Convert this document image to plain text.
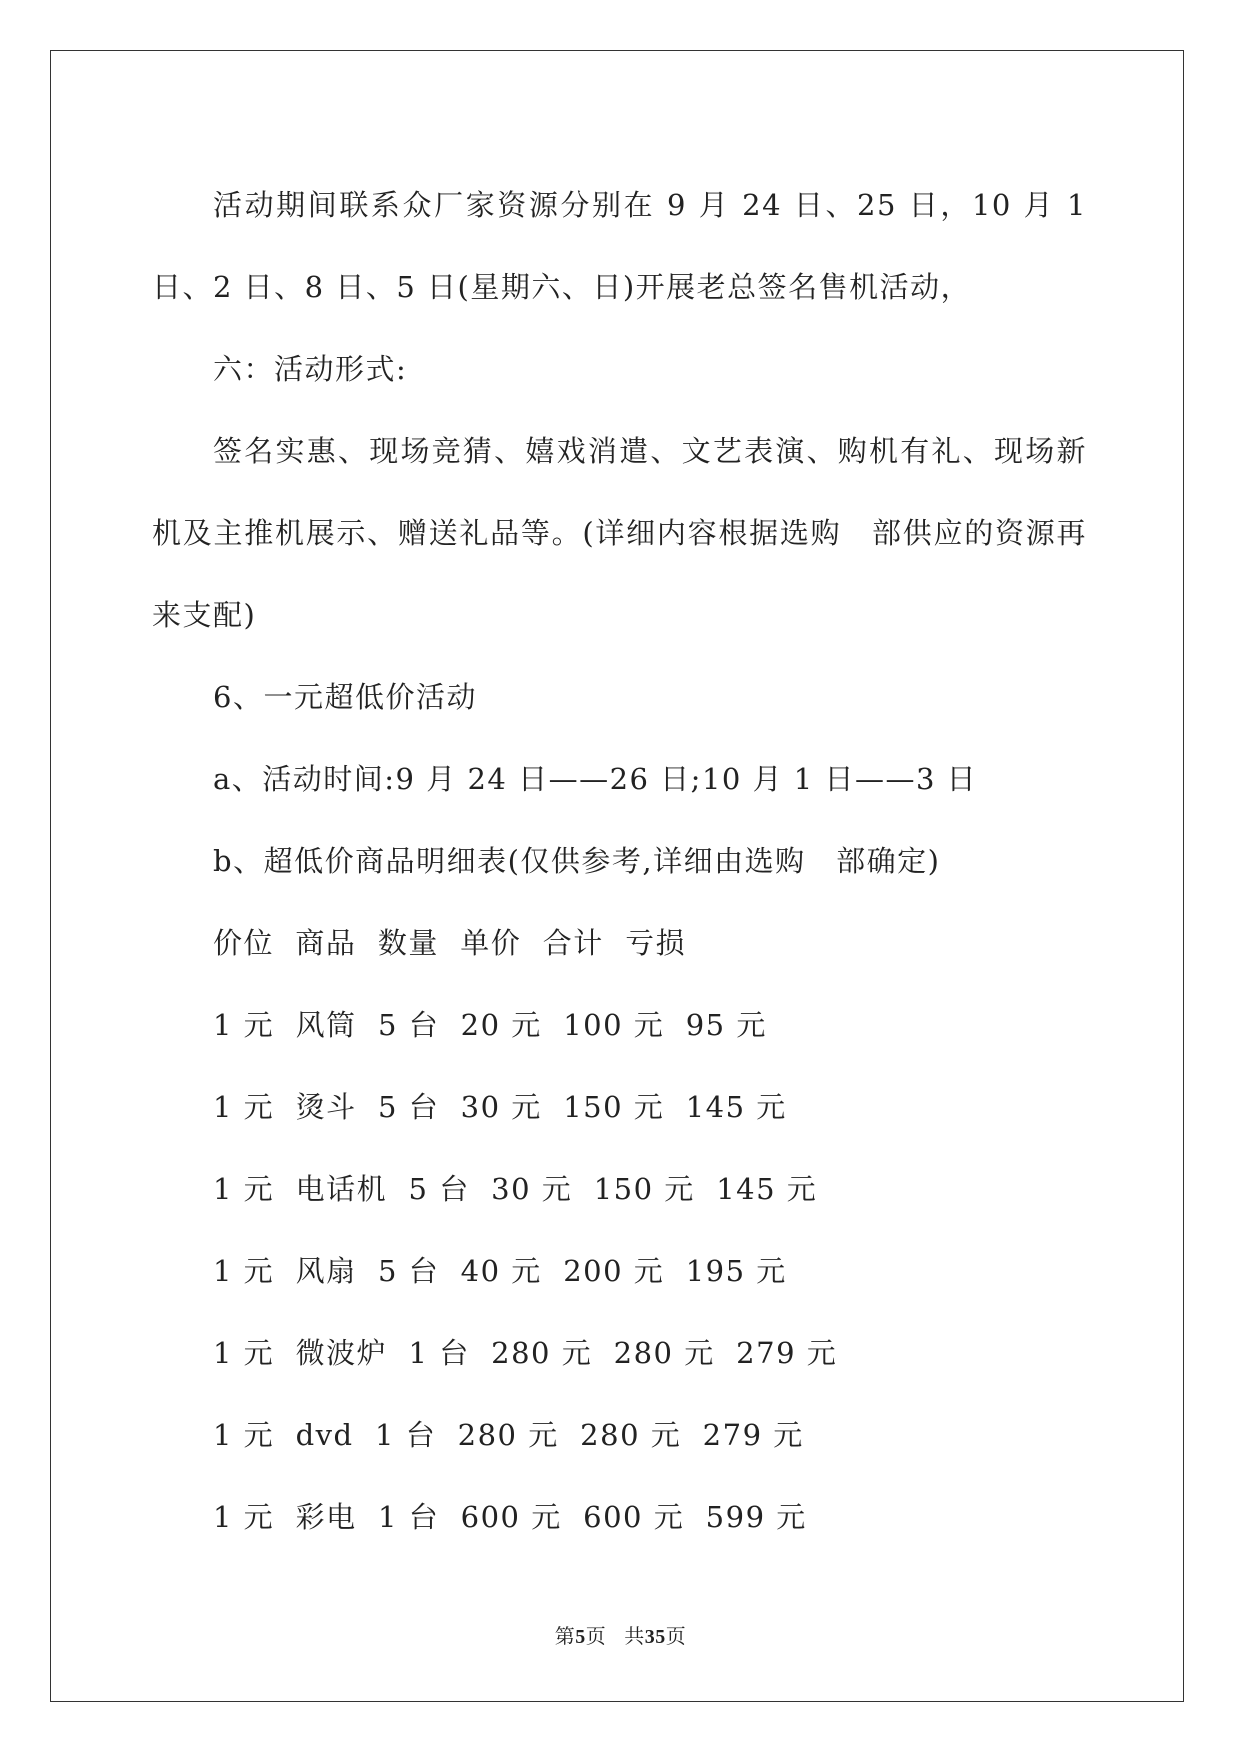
活动期间联系众厂家资源分别在 9 月 24 日、25 日，10 月 1 日、2 日、8 日、5 日(星期六、日)开展老总签名售机活动，

六：活动形式:

签名实惠、现场竞猜、嬉戏消遣、文艺表演、购机有礼、现场新机及主推机展示、赠送礼品等。(详细内容根据选购　部供应的资源再来支配)

6、一元超低价活动

a、活动时间:9 月 24 日——26 日;10 月 1 日——3 日

b、超低价商品明细表(仅供参考,详细由选购　部确定)

价位  商品  数量  单价  合计  亏损
1 元  风筒  5 台  20 元  100 元  95 元
1 元  烫斗  5 台  30 元  150 元  145 元
1 元  电话机  5 台  30 元  150 元  145 元
1 元  风扇  5 台  40 元  200 元  195 元
1 元  微波炉  1 台  280 元  280 元  279 元
1 元  dvd  1 台  280 元  280 元  279 元
1 元  彩电  1 台  600 元  600 元  599 元
第5页 共35页
